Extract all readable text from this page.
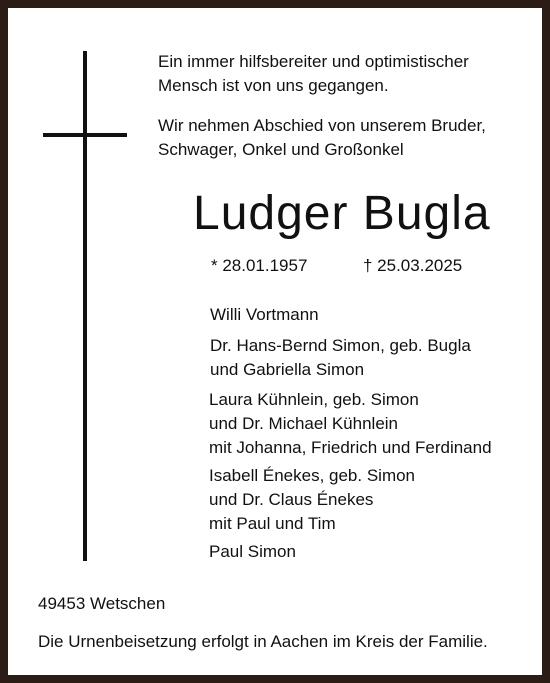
Ein immer hilfsbereiter und optimistischer
Mensch ist von uns gegangen.

Wir nehmen Abschied von unserem Bruder,
Schwager, Onkel und Großonkel

Ludger Bugla
* 28.01.1957	† 25.03.2025
Willi Vortmann
Dr. Hans-Bernd Simon, geb. Bugla
und Gabriella Simon
Laura Kühnlein, geb. Simon
und Dr. Michael Kühnlein
mit Johanna, Friedrich und Ferdinand
Isabell Énekes, geb. Simon
und Dr. Claus Énekes
mit Paul und Tim
Paul Simon
49453 Wetschen
Die Urnenbeisetzung erfolgt in Aachen im Kreis der Familie.
